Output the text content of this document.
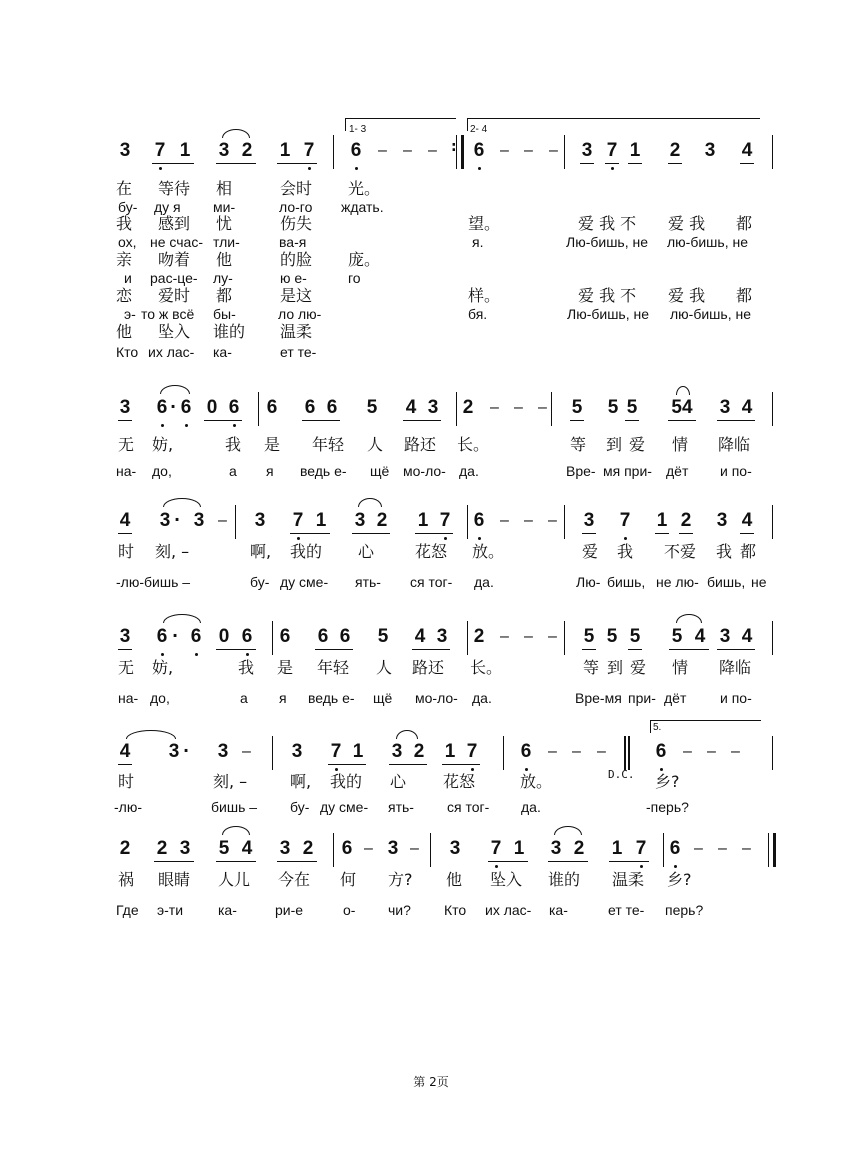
1- 3	2- 4
3 7 1 3 2 1 7 6 – – – : 6 – – – 3 7 1 2 3 4
在 等待 相	会时 光。
бу- ду я ми-	ло-го ждать.
我 感到 忧	伤失	望。	爱 我 不 爱 我 都
ох, не счас- тли-	ва-я	я.	Лю-бишь, не лю-бишь, не
亲 吻着 他	的脸 庞。
и рас-це- лу-	ю е-	го
恋 爱时 都	是这	样。	爱 我 不 爱 我 都
э- то ж всё бы-	ло лю-	бя.	Лю-бишь, не лю-бишь, не
他 坠入 谁的 温柔
Кто их лас- ка-	ет те-
3 6 · 6 0 6 6 6 6 5 4 3 2 – – – 5 5 5 54 3 4
无 妨,	我 是 年轻 人 路还 长。	等 到 爱 情 降临
на- до,	а я ведь е- щё мо-ло- да.	Вре- мя при- дёт и по-
4 3 · 3 – 3 7 1 3 2 1 7 6 – – – 3 7 1 2 3 4
时 刻, –	啊, 我的 心	花怒 放。	爱 我 不爱 我 都
-лю-бишь –	бу- ду сме- ять- ся тог- да.	Лю- бишь, не лю- бишь, не
3 6 · 6 0 6 6 6 6 5 4 3 2 – – – 5 5 5 5 4 3 4
无 妨,	我 是 年轻 人 路还 长。	等 到 爱 情 降临
на- до,	а я ведь е- щё мо-ло- да.	Вре-мя при- дёт и по-
5.
4 3 · 3 – 3 7 1 3 2 1 7 6 – – –
D.C.
6 – – –
时	刻, –	啊, 我的 心 花怒	放。	乡?
-лю-	бишь – бу- ду сме- ять- ся тог- да.	-перь?
2 2 3 5 4 3 2 6 – 3 – 3 7 1 3 2 1 7 6 – – –
祸 眼睛 人儿 今在 何 方? 他 坠入 谁的 温柔 乡?
Где э-ти ка-	ри-е	о- чи? Кто их лас- ка-	ет те- перь?
第 2页
